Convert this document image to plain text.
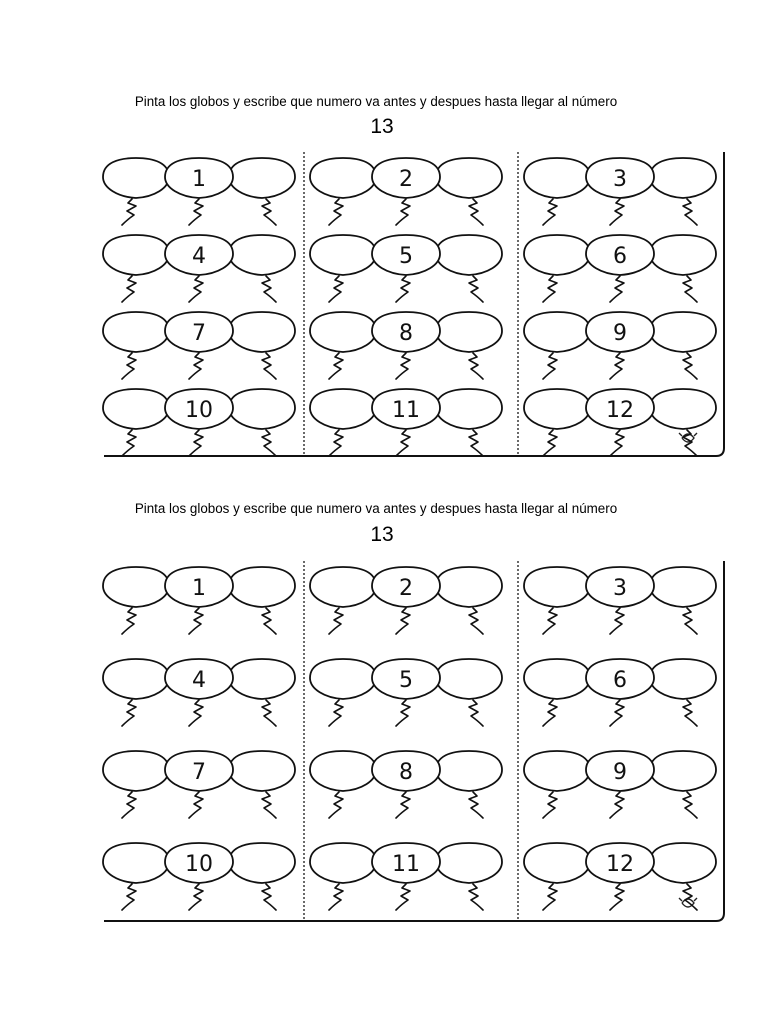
Pinta los globos y escribe que numero va antes y despues hasta llegar al número
13
1	2	3
4	5	6
7	8	9
10	11	12
Pinta los globos y escribe que numero va antes y despues hasta llegar al número
13
1	2	3
4	5	6
7	8	9
10	11	12
